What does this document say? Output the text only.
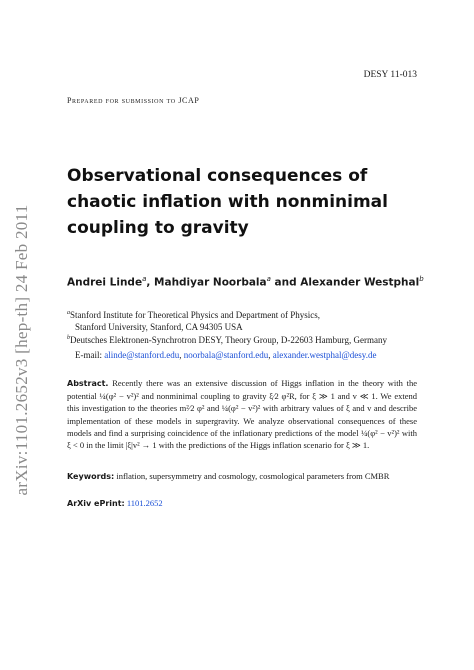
arXiv:1101.2652v3 [hep-th] 24 Feb 2011
DESY 11-013
Prepared for submission to JCAP
Observational consequences of chaotic inflation with nonminimal coupling to gravity
Andrei Linde$^a$, Mahdiyar Noorbala$^a$ and Alexander Westphal$^b$
$^a$Stanford Institute for Theoretical Physics and Department of Physics,
Stanford University, Stanford, CA 94305 USA
$^b$Deutsches Elektronen-Synchrotron DESY, Theory Group, D-22603 Hamburg, Germany
E-mail: alinde@stanford.edu, noorbala@stanford.edu, alexander.westphal@desy.de
Abstract. Recently there was an extensive discussion of Higgs inflation in the theory with the potential ¼(φ² − v²)² and nonminimal coupling to gravity ξ⁄2 φ²R, for ξ ≫ 1 and v ≪ 1. We extend this investigation to the theories m²⁄2 φ² and ¼(φ² − v²)² with arbitrary values of ξ and v and describe implementation of these models in supergravity. We analyze observational consequences of these models and find a surprising coincidence of the inflationary predictions of the model ¼(φ² − v²)² with ξ < 0 in the limit |ξ|v² → 1 with the predictions of the Higgs inflation scenario for ξ ≫ 1.
Keywords: inflation, supersymmetry and cosmology, cosmological parameters from CMBR
ArXiv ePrint: 1101.2652
